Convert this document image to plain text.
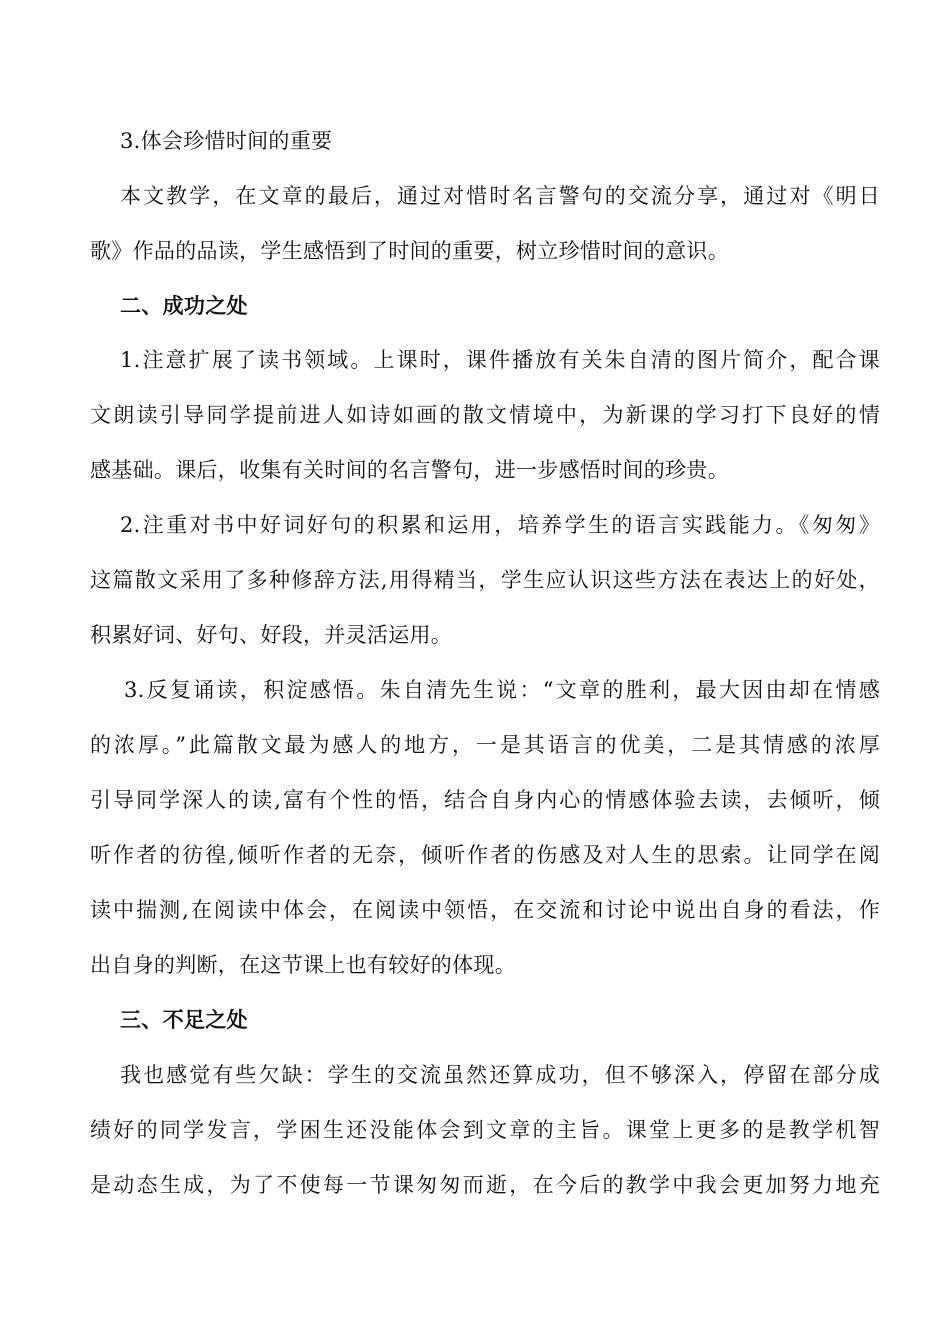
3.体会珍惜时间的重要
本文教学，在文章的最后，通过对惜时名言警句的交流分享，通过对《明日
歌》作品的品读，学生感悟到了时间的重要，树立珍惜时间的意识。
二、成功之处
1.注意扩展了读书领域。上课时，课件播放有关朱自清的图片简介，配合课
文朗读引导同学提前进人如诗如画的散文情境中，为新课的学习打下良好的情
感基础。课后，收集有关时间的名言警句，进一步感悟时间的珍贵。
2.注重对书中好词好句的积累和运用，培养学生的语言实践能力。《匆匆》
这篇散文采用了多种修辞方法,用得精当，学生应认识这些方法在表达上的好处，
积累好词、好句、好段，并灵活运用。
3.反复诵读，积淀感悟。朱自清先生说：“文章的胜利，最大因由却在情感
的浓厚。”此篇散文最为感人的地方，一是其语言的优美，二是其情感的浓厚
引导同学深人的读,富有个性的悟，结合自身内心的情感体验去读，去倾听，倾
听作者的彷徨,倾听作者的无奈，倾听作者的伤感及对人生的思索。让同学在阅
读中揣测,在阅读中体会，在阅读中领悟，在交流和讨论中说出自身的看法，作
出自身的判断，在这节课上也有较好的体现。
三、不足之处
我也感觉有些欠缺：学生的交流虽然还算成功，但不够深入，停留在部分成
绩好的同学发言，学困生还没能体会到文章的主旨。课堂上更多的是教学机智
是动态生成，为了不使每一节课匆匆而逝，在今后的教学中我会更加努力地充
